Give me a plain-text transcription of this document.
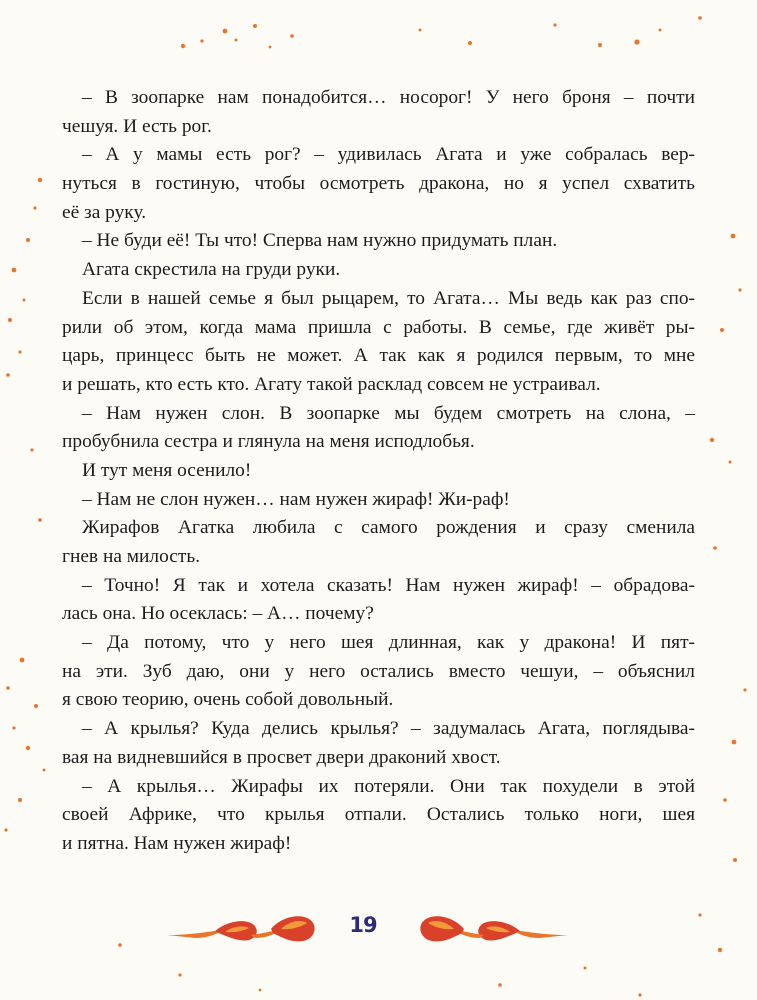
– В зоопарке нам понадобится… носорог! У него броня – почти
чешуя. И есть рог.
– А у мамы есть рог? – удивилась Агата и уже собралась вер-
нуться в гостиную, чтобы осмотреть дракона, но я успел схватить
её за руку.
– Не буди её! Ты что! Сперва нам нужно придумать план.
Агата скрестила на груди руки.
Если в нашей семье я был рыцарем, то Агата… Мы ведь как раз спо-
рили об этом, когда мама пришла с работы. В семье, где живёт ры-
царь, принцесс быть не может. А так как я родился первым, то мне
и решать, кто есть кто. Агату такой расклад совсем не устраивал.
– Нам нужен слон. В зоопарке мы будем смотреть на слона, –
пробубнила сестра и глянула на меня исподлобья.
И тут меня осенило!
– Нам не слон нужен… нам нужен жираф! Жи-раф!
Жирафов Агатка любила с самого рождения и сразу сменила
гнев на милость.
– Точно! Я так и хотела сказать! Нам нужен жираф! – обрадова-
лась она. Но осеклась: – А… почему?
– Да потому, что у него шея длинная, как у дракона! И пят-
на эти. Зуб даю, они у него остались вместо чешуи, – объяснил
я свою теорию, очень собой довольный.
– А крылья? Куда делись крылья? – задумалась Агата, поглядыва-
вая на видневшийся в просвет двери драконий хвост.
– А крылья… Жирафы их потеряли. Они так похудели в этой
своей Африке, что крылья отпали. Остались только ноги, шея
и пятна. Нам нужен жираф!
19
